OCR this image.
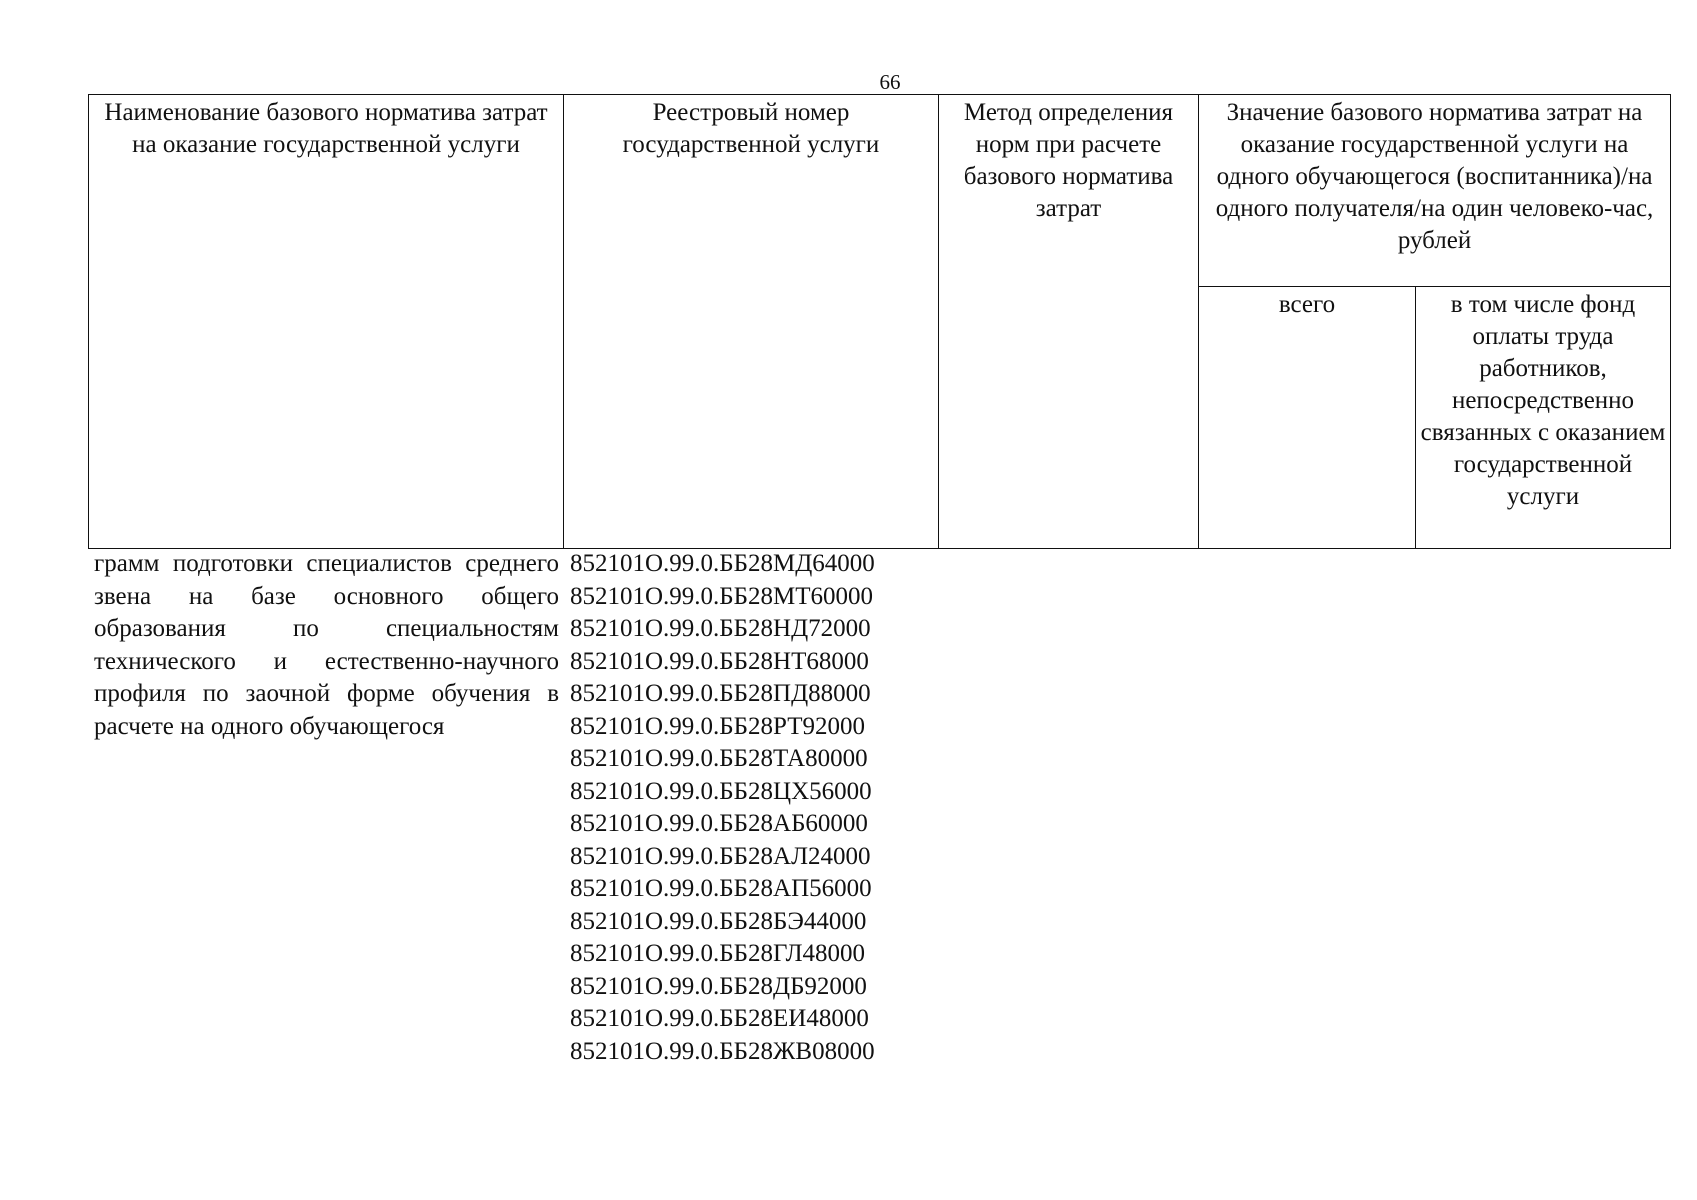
66
Наименование базового норматива затрат на оказание государственной услуги	Реестровый номер государственной услуги	Метод определения норм при расчете базового норматива затрат	Значение базового норматива затрат на оказание государственной услуги на одного обучающегося (воспитанника)/на одного получателя/на один человеко-час, рублей	
			всего	в том числе фонд оплаты труда работников, непосредственно связанных с оказанием государственной услуги
грамм подготовки специалистов среднего звена на базе основного общего образования по специальностям технического и естественно-научного профиля по заочной форме обучения в расчете на одного обучающегося
852101О.99.0.ББ28МД64000
852101О.99.0.ББ28МТ60000
852101О.99.0.ББ28НД72000
852101О.99.0.ББ28НТ68000
852101О.99.0.ББ28ПД88000
852101О.99.0.ББ28РТ92000
852101О.99.0.ББ28ТА80000
852101О.99.0.ББ28ЦХ56000
852101О.99.0.ББ28АБ60000
852101О.99.0.ББ28АЛ24000
852101О.99.0.ББ28АП56000
852101О.99.0.ББ28БЭ44000
852101О.99.0.ББ28ГЛ48000
852101О.99.0.ББ28ДБ92000
852101О.99.0.ББ28ЕИ48000
852101О.99.0.ББ28ЖВ08000
